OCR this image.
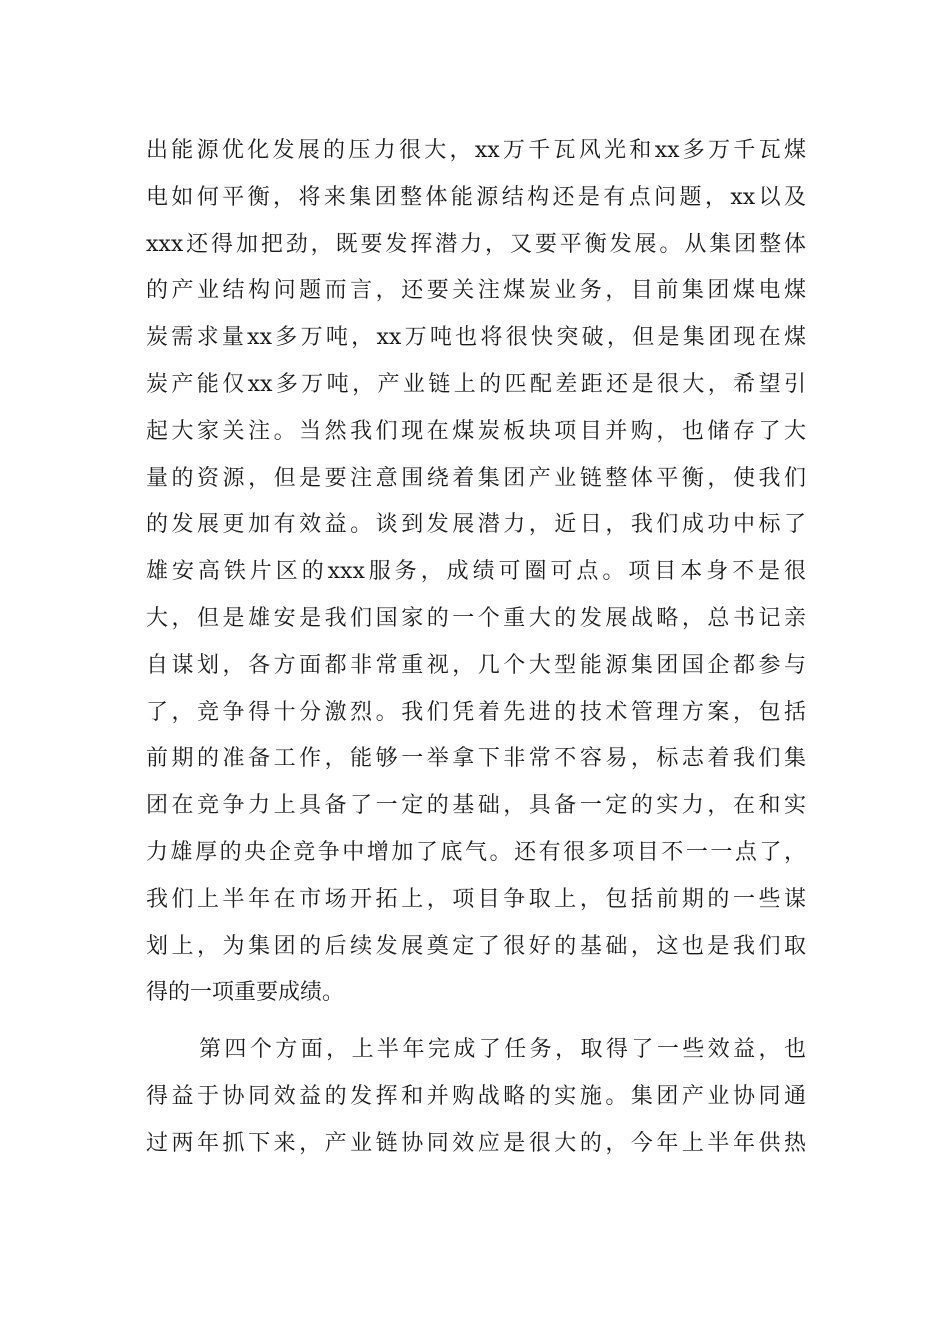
出能源优化发展的压力很大，xx万千瓦风光和xx多万千瓦煤
电如何平衡，将来集团整体能源结构还是有点问题，xx以及
xxx还得加把劲，既要发挥潜力，又要平衡发展。从集团整体
的产业结构问题而言，还要关注煤炭业务，目前集团煤电煤
炭需求量xx多万吨，xx万吨也将很快突破，但是集团现在煤
炭产能仅xx多万吨，产业链上的匹配差距还是很大，希望引
起大家关注。当然我们现在煤炭板块项目并购，也储存了大
量的资源，但是要注意围绕着集团产业链整体平衡，使我们
的发展更加有效益。谈到发展潜力，近日，我们成功中标了
雄安高铁片区的xxx服务，成绩可圈可点。项目本身不是很
大，但是雄安是我们国家的一个重大的发展战略，总书记亲
自谋划，各方面都非常重视，几个大型能源集团国企都参与
了，竞争得十分激烈。我们凭着先进的技术管理方案，包括
前期的准备工作，能够一举拿下非常不容易，标志着我们集
团在竞争力上具备了一定的基础，具备一定的实力，在和实
力雄厚的央企竞争中增加了底气。还有很多项目不一一点了，
我们上半年在市场开拓上，项目争取上，包括前期的一些谋
划上，为集团的后续发展奠定了很好的基础，这也是我们取
得的一项重要成绩。
第四个方面，上半年完成了任务，取得了一些效益，也
得益于协同效益的发挥和并购战略的实施。集团产业协同通
过两年抓下来，产业链协同效应是很大的，今年上半年供热
